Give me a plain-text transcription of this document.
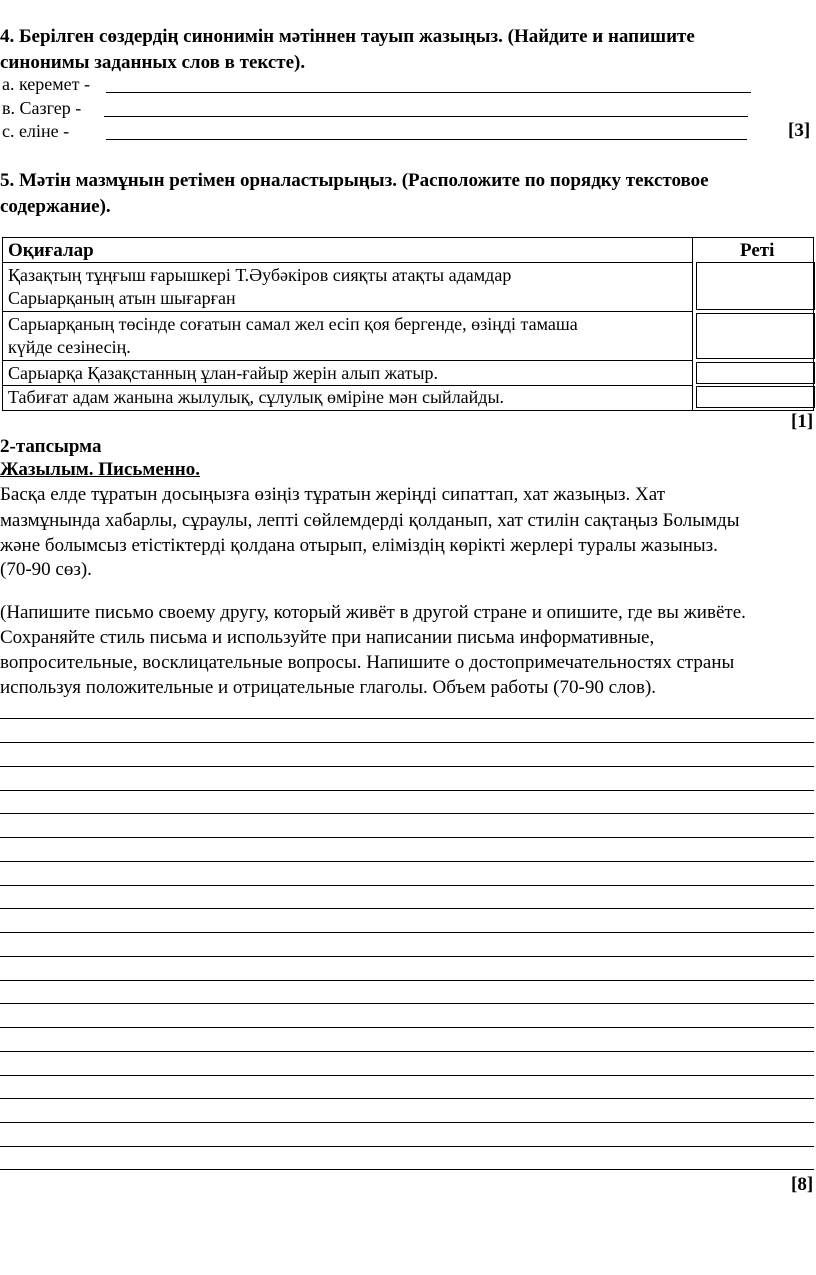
4. Берілген сөздердің синонимін мәтіннен тауып жазыңыз. (Найдите и напишите
синонимы заданных слов в тексте).
а. керемет -
в. Сазгер -
с. еліне -	[3]
5. Мәтін мазмұнын ретімен орналастырыңыз. (Расположите по порядку текстовое
содержание).
Оқиғалар	Реті
Қазақтың тұңғыш ғарышкері Т.Әубәкіров сияқты атақты адамдар
Сарыарқаның атын шығарған
Сарыарқаның төсінде соғатын самал жел есіп қоя бергенде, өзіңді тамаша
күйде сезінесің.
Сарыарқа Қазақстанның ұлан-ғайыр жерін алып жатыр.
Табиғат адам жанына жылулық, сұлулық өміріне мән сыйлайды.
[1]
2-тапсырма
Жазылым. Письменно.
Басқа елде тұратын досыңызға өзіңіз тұратын жеріңді сипаттап, хат жазыңыз. Хат
мазмұнында хабарлы, сұраулы, лепті сөйлемдерді қолданып, хат стилін сақтаңыз Болымды
және болымсыз етістіктерді қолдана отырып, еліміздің көрікті жерлері туралы жазыныз.
(70-90 сөз).
(Напишите письмо своему другу, который живёт в другой стране и опишите, где вы живёте.
Сохраняйте стиль письма и используйте при написании письма информативные,
вопросительные, восклицательные вопросы. Напишите о достопримечательностях страны
используя положительные и отрицательные глаголы. Объем работы (70-90 слов).
[8]
